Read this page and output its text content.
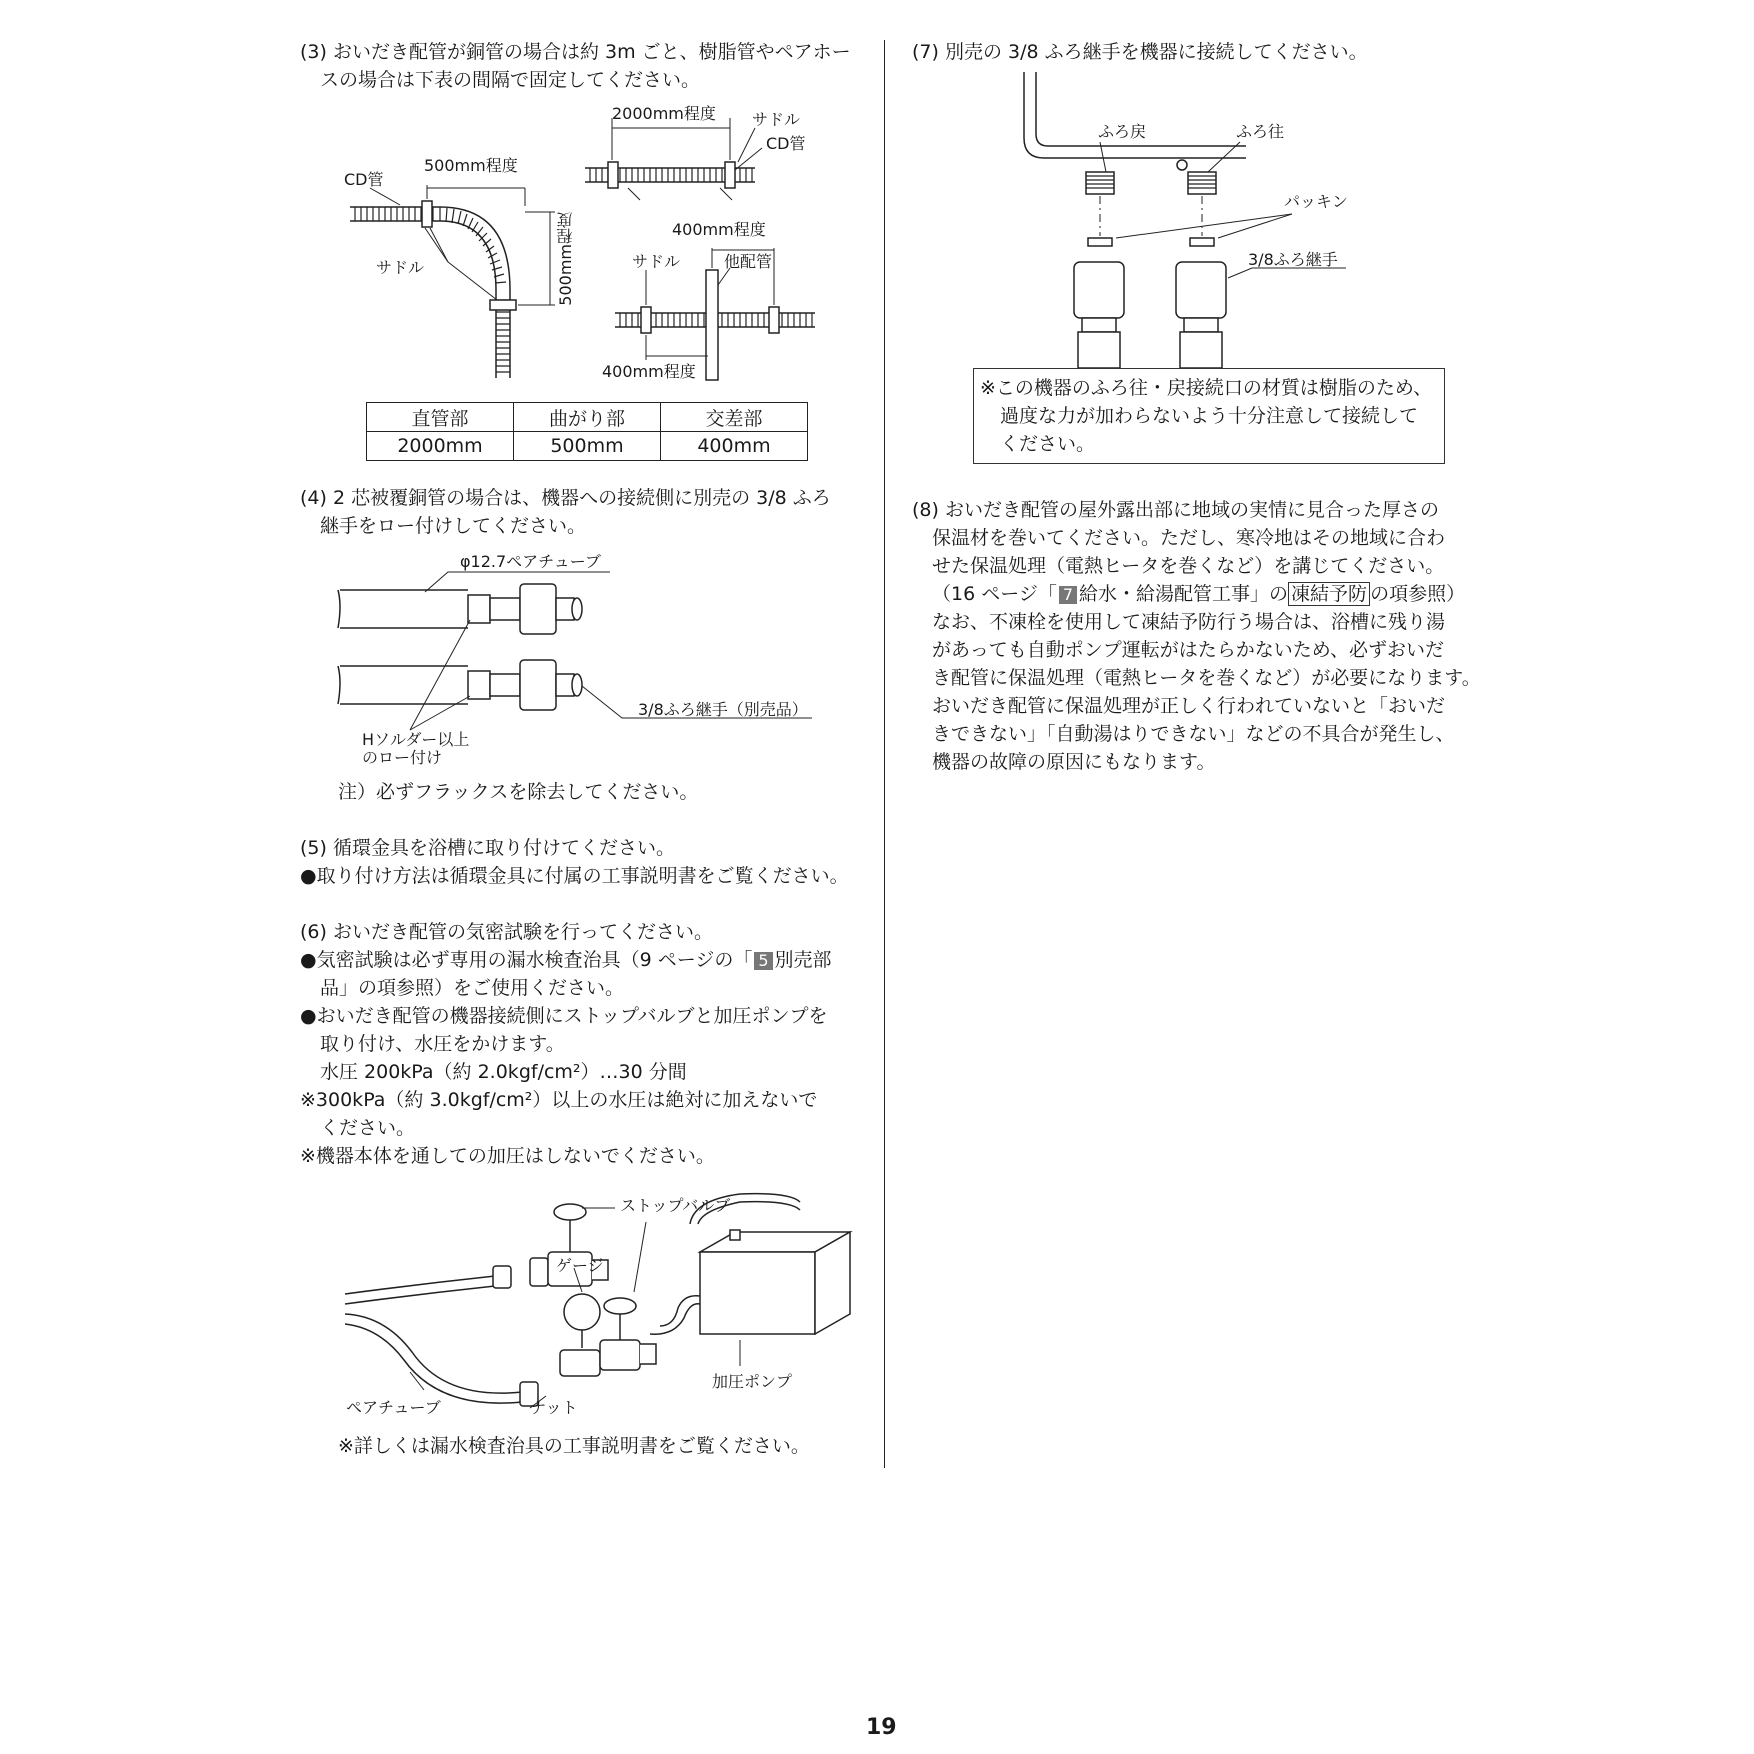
(3) おいだき配管が銅管の場合は約 3m ごと、樹脂管やペアホー
スの場合は下表の間隔で固定してください。
2000mm程度 サドル
CD管
500mm程度
CD管
サドル	500mm程度	400mm程度
サドル	他配管
400mm程度
直管部	曲がり部	交差部
2000mm	500mm	400mm
(4) 2 芯被覆銅管の場合は、機器への接続側に別売の 3/8 ふろ
継手をロー付けしてください。
φ12.7ペアチューブ
3/8ふろ継手（別売品）
Hソルダー以上
のロー付け
注）必ずフラックスを除去してください。
(5) 循環金具を浴槽に取り付けてください。
●取り付け方法は循環金具に付属の工事説明書をご覧ください。
(6) おいだき配管の気密試験を行ってください。
●気密試験は必ず専用の漏水検査治具（9 ページの「 5 別売部
品」の項参照）をご使用ください。
●おいだき配管の機器接続側にストップバルブと加圧ポンプを
取り付け、水圧をかけます。
水圧 200kPa（約 2.0kgf/cm²）…30 分間
※300kPa（約 3.0kgf/cm²）以上の水圧は絶対に加えないで
ください。
※機器本体を通しての加圧はしないでください。
ストップバルブ
ゲージ
加圧ポンプ
ペアチューブ	ナット
※詳しくは漏水検査治具の工事説明書をご覧ください。
(7) 別売の 3/8 ふろ継手を機器に接続してください。
ふろ戻	ふろ往
パッキン
3/8ふろ継手
※この機器のふろ往・戻接続口の材質は樹脂のため、
過度な力が加わらないよう十分注意して接続して
ください。
(8) おいだき配管の屋外露出部に地域の実情に見合った厚さの
保温材を巻いてください。ただし、寒冷地はその地域に合わ
せた保温処理（電熱ヒータを巻くなど）を講じてください。
（16 ページ「 7 給水・給湯配管工事」の 凍結予防 の項参照）
なお、不凍栓を使用して凍結予防行う場合は、浴槽に残り湯
があっても自動ポンプ運転がはたらかないため、必ずおいだ
き配管に保温処理（電熱ヒータを巻くなど）が必要になります。
おいだき配管に保温処理が正しく行われていないと「おいだ
きできない」「自動湯はりできない」などの不具合が発生し、
機器の故障の原因にもなります。
19
